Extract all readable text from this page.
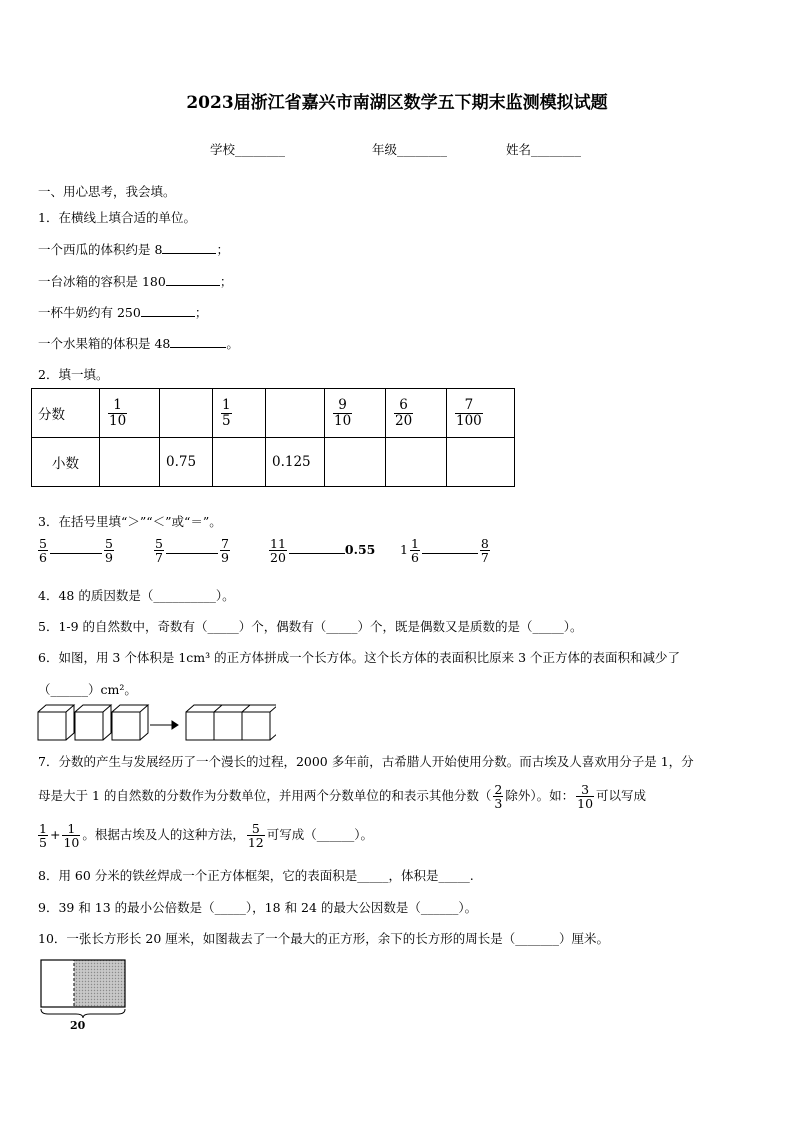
2023届浙江省嘉兴市南湖区数学五下期末监测模拟试题
学校________	年级________	姓名________
一、用心思考，我会填。
1．在横线上填合适的单位。
一个西瓜的体积约是 8	；
一台冰箱的容积是 180	；
一杯牛奶约有 250	；
一个水果箱的体积是 48	。
2．填一填。
分数	$\frac{1}{10}$		$\frac{1}{5}$		$\frac{9}{10}$	$\frac{6}{20}$	$\frac{7}{100}$

小数		0.75		0.125			
3．在括号里填“＞”“＜”或“＝”。
$\frac{5}{6}$	$\frac{5}{9}$	$\frac{5}{7}$	$\frac{7}{9}$	$\frac{11}{20}$	0.55 $1 \frac{1}{6}$	$\frac{8}{7}$
4．48 的质因数是（__________）。
5．1-9 的自然数中，奇数有（_____）个，偶数有（_____）个，既是偶数又是质数的是（_____）。
6．如图，用 3 个体积是 1cm³ 的正方体拼成一个长方体。这个长方体的表面积比原来 3 个正方体的表面积和减少了
（______）cm²。
7．分数的产生与发展经历了一个漫长的过程，2000 多年前，古希腊人开始使用分数。而古埃及人喜欢用分子是 1，分
母是大于 1 的自然数的分数作为分数单位，并用两个分数单位的和表示其他分数（ $\frac{2}{3}$ 除外）。如： $\frac{3}{10}$ 可以写成
$\frac{1}{5} + \frac{1}{10}$ 。根据古埃及人的这种方法， $\frac{5}{12}$ 可写成（______）。
8．用 60 分米的铁丝焊成一个正方体框架，它的表面积是_____，体积是_____.
9．39 和 13 的最小公倍数是（_____），18 和 24 的最大公因数是（______）。
10．一张长方形长 20 厘米，如图裁去了一个最大的正方形，余下的长方形的周长是（_______）厘米。
20
